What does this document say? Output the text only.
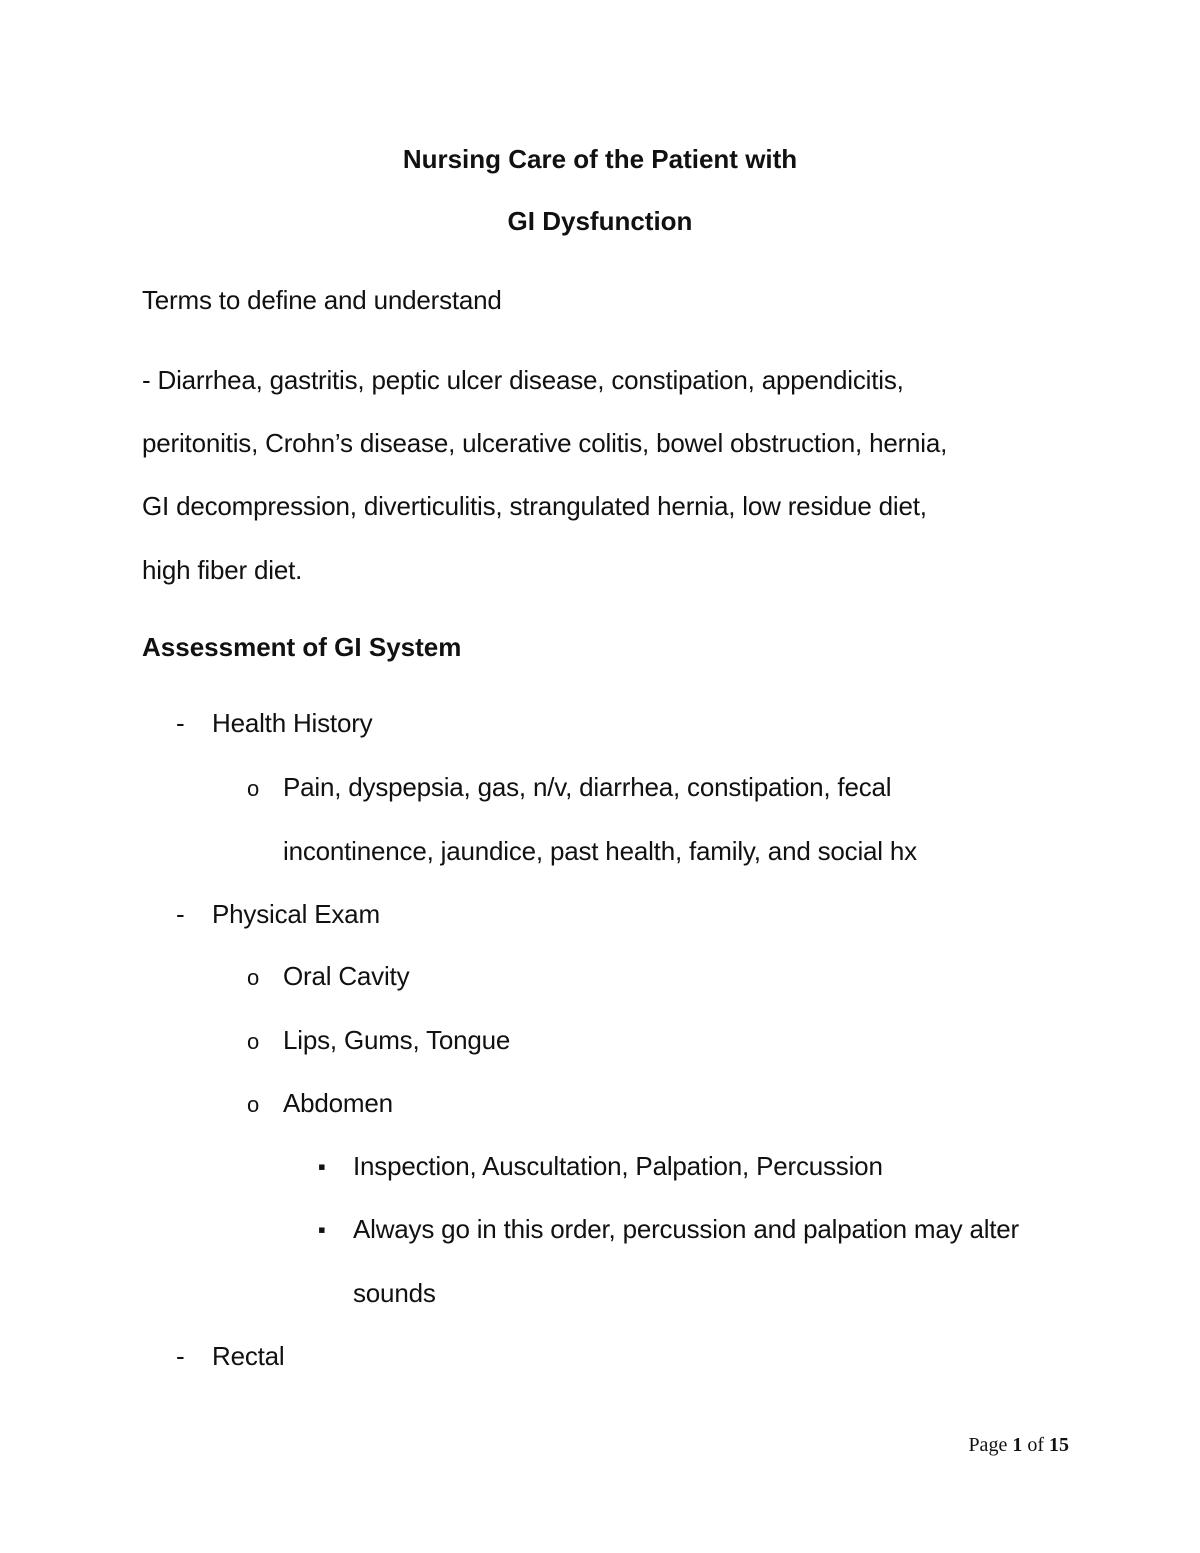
Nursing Care of the Patient with
GI Dysfunction
Terms to define and understand
- Diarrhea, gastritis, peptic ulcer disease, constipation, appendicitis,
peritonitis, Crohn’s disease, ulcerative colitis, bowel obstruction, hernia,
GI decompression, diverticulitis, strangulated hernia, low residue diet,
high fiber diet.
Assessment of GI System
- Health History
o Pain, dyspepsia, gas, n/v, diarrhea, constipation, fecal
incontinence, jaundice, past health, family, and social hx
- Physical Exam
o Oral Cavity
o Lips, Gums, Tongue
o Abdomen
▪ Inspection, Auscultation, Palpation, Percussion
▪ Always go in this order, percussion and palpation may alter
sounds
- Rectal
Page 1 of 15
